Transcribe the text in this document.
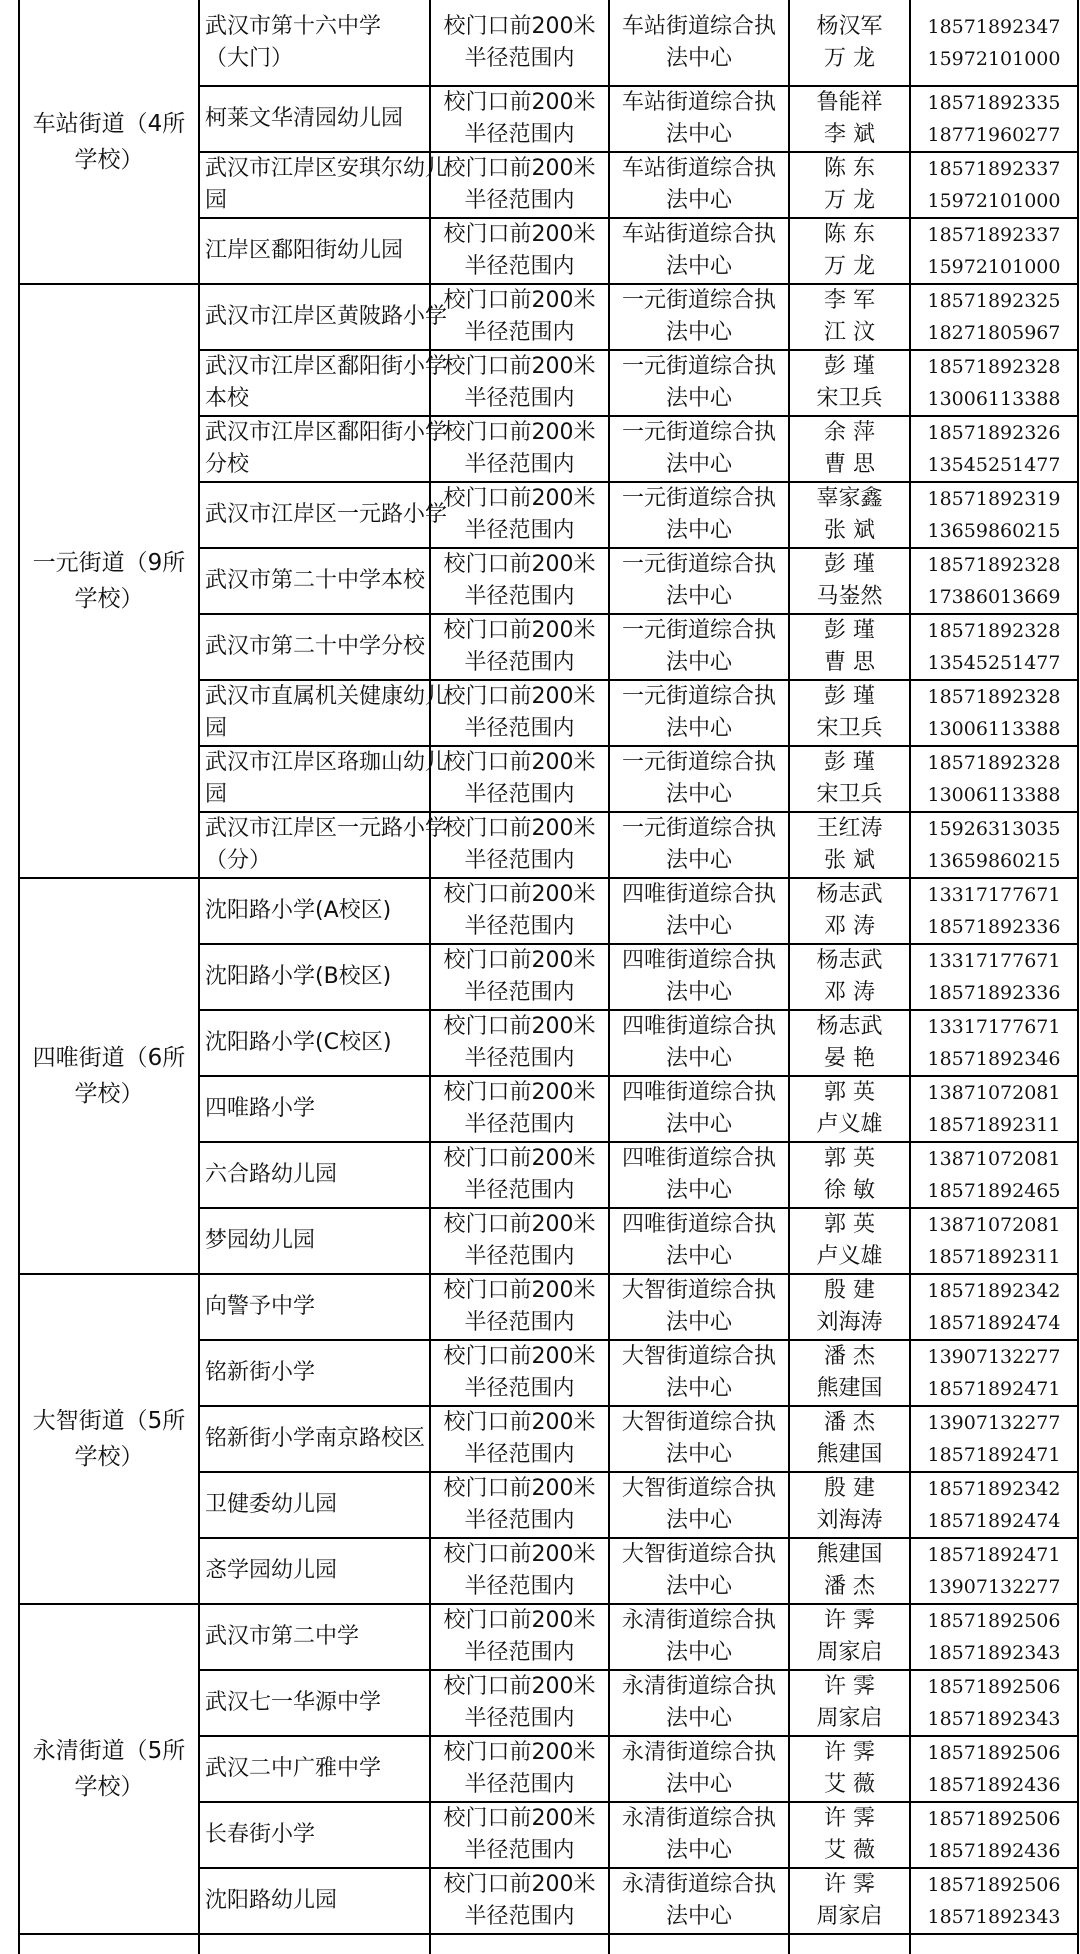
车站街道（4所
学校）	武汉市第十六中学
（大门）	校门口前200米
半径范围内	车站街道综合执
法中心	杨汉军
万 龙	18571892347
15972101000

	柯莱文华清园幼儿园	校门口前200米
半径范围内	车站街道综合执
法中心	鲁能祥
李 斌	18571892335
18771960277

	武汉市江岸区安琪尔幼儿
园	校门口前200米
半径范围内	车站街道综合执
法中心	陈 东
万 龙	18571892337
15972101000

	江岸区鄱阳街幼儿园	校门口前200米
半径范围内	车站街道综合执
法中心	陈 东
万 龙	18571892337
15972101000

一元街道（9所
学校）	武汉市江岸区黄陂路小学	校门口前200米
半径范围内	一元街道综合执
法中心	李 军
江 汶	18571892325
18271805967

	武汉市江岸区鄱阳街小学
本校	校门口前200米
半径范围内	一元街道综合执
法中心	彭 瑾
宋卫兵	18571892328
13006113388

	武汉市江岸区鄱阳街小学
分校	校门口前200米
半径范围内	一元街道综合执
法中心	余 萍
曹 思	18571892326
13545251477

	武汉市江岸区一元路小学	校门口前200米
半径范围内	一元街道综合执
法中心	辜家鑫
张 斌	18571892319
13659860215

	武汉市第二十中学本校	校门口前200米
半径范围内	一元街道综合执
法中心	彭 瑾
马崟然	18571892328
17386013669

	武汉市第二十中学分校	校门口前200米
半径范围内	一元街道综合执
法中心	彭 瑾
曹 思	18571892328
13545251477

	武汉市直属机关健康幼儿
园	校门口前200米
半径范围内	一元街道综合执
法中心	彭 瑾
宋卫兵	18571892328
13006113388

	武汉市江岸区珞珈山幼儿
园	校门口前200米
半径范围内	一元街道综合执
法中心	彭 瑾
宋卫兵	18571892328
13006113388

	武汉市江岸区一元路小学
（分）	校门口前200米
半径范围内	一元街道综合执
法中心	王红涛
张 斌	15926313035
13659860215

四唯街道（6所
学校）	沈阳路小学(A校区)	校门口前200米
半径范围内	四唯街道综合执
法中心	杨志武
邓 涛	13317177671
18571892336

	沈阳路小学(B校区)	校门口前200米
半径范围内	四唯街道综合执
法中心	杨志武
邓 涛	13317177671
18571892336

	沈阳路小学(C校区)	校门口前200米
半径范围内	四唯街道综合执
法中心	杨志武
晏 艳	13317177671
18571892346

	四唯路小学	校门口前200米
半径范围内	四唯街道综合执
法中心	郭 英
卢义雄	13871072081
18571892311

	六合路幼儿园	校门口前200米
半径范围内	四唯街道综合执
法中心	郭 英
徐 敏	13871072081
18571892465

	梦园幼儿园	校门口前200米
半径范围内	四唯街道综合执
法中心	郭 英
卢义雄	13871072081
18571892311

大智街道（5所
学校）	向警予中学	校门口前200米
半径范围内	大智街道综合执
法中心	殷 建
刘海涛	18571892342
18571892474

	铭新街小学	校门口前200米
半径范围内	大智街道综合执
法中心	潘 杰
熊建国	13907132277
18571892471

	铭新街小学南京路校区	校门口前200米
半径范围内	大智街道综合执
法中心	潘 杰
熊建国	13907132277
18571892471

	卫健委幼儿园	校门口前200米
半径范围内	大智街道综合执
法中心	殷 建
刘海涛	18571892342
18571892474

	忞学园幼儿园	校门口前200米
半径范围内	大智街道综合执
法中心	熊建国
潘 杰	18571892471
13907132277

永清街道（5所
学校）	武汉市第二中学	校门口前200米
半径范围内	永清街道综合执
法中心	许 霁
周家启	18571892506
18571892343

	武汉七一华源中学	校门口前200米
半径范围内	永清街道综合执
法中心	许 霁
周家启	18571892506
18571892343

	武汉二中广雅中学	校门口前200米
半径范围内	永清街道综合执
法中心	许 霁
艾 薇	18571892506
18571892436

	长春街小学	校门口前200米
半径范围内	永清街道综合执
法中心	许 霁
艾 薇	18571892506
18571892436

	沈阳路幼儿园	校门口前200米
半径范围内	永清街道综合执
法中心	许 霁
周家启	18571892506
18571892343
